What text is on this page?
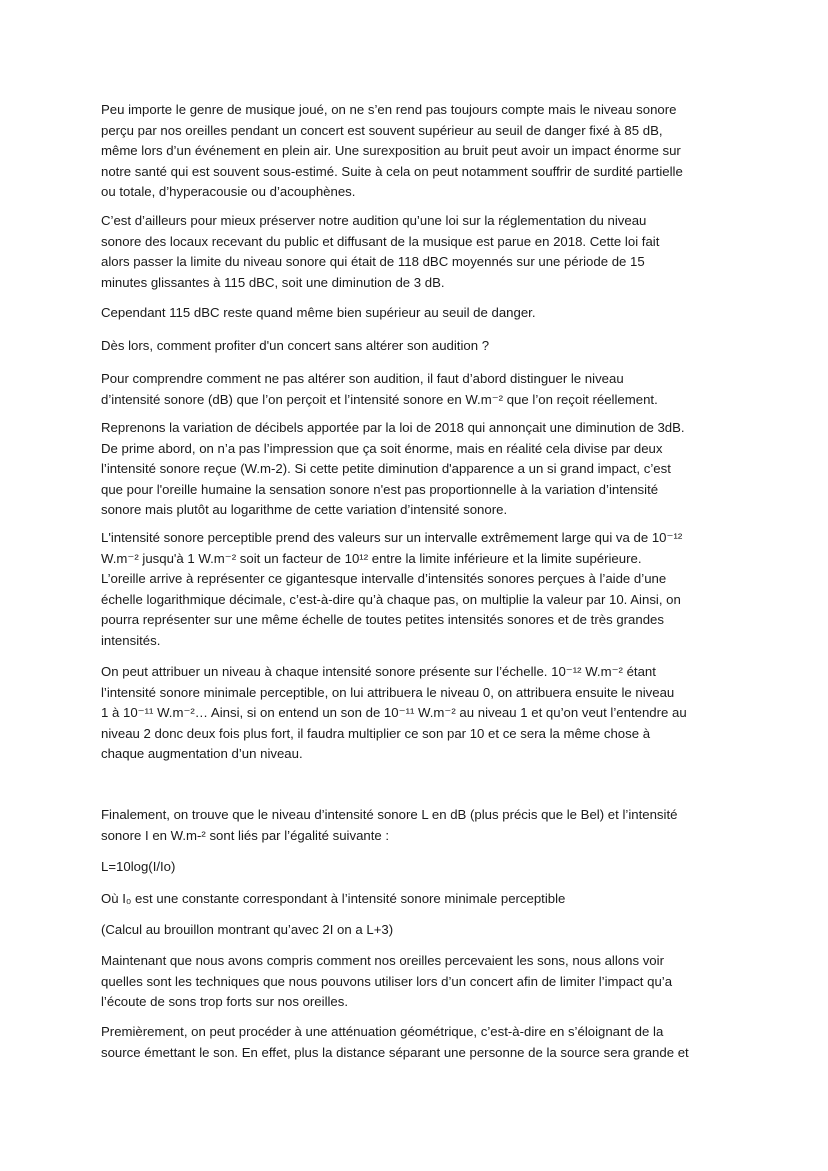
Peu importe le genre de musique joué, on ne s’en rend pas toujours compte mais le niveau sonore
perçu par nos oreilles pendant un concert est souvent supérieur au seuil de danger fixé à 85 dB,
même lors d’un événement en plein air. Une surexposition au bruit peut avoir un impact énorme sur
notre santé qui est souvent sous-estimé. Suite à cela on peut notamment souffrir de surdité partielle
ou totale, d’hyperacousie ou d’acouphènes.

C’est d’ailleurs pour mieux préserver notre audition qu’une loi sur la réglementation du niveau
sonore des locaux recevant du public et diffusant de la musique est parue en 2018. Cette loi fait
alors passer la limite du niveau sonore qui était de 118 dBC moyennés sur une période de 15
minutes glissantes à 115 dBC, soit une diminution de 3 dB.

Cependant 115 dBC reste quand même bien supérieur au seuil de danger.

Dès lors, comment profiter d'un concert sans altérer son audition ?

Pour comprendre comment ne pas altérer son audition, il faut d’abord distinguer le niveau
d’intensité sonore (dB) que l’on perçoit et l’intensité sonore en W.m⁻² que l’on reçoit réellement.

Reprenons la variation de décibels apportée par la loi de 2018 qui annonçait une diminution de 3dB.
De prime abord, on n’a pas l’impression que ça soit énorme, mais en réalité cela divise par deux
l’intensité sonore reçue (W.m-2). Si cette petite diminution d'apparence a un si grand impact, c’est
que pour l'oreille humaine la sensation sonore n'est pas proportionnelle à la variation d’intensité
sonore mais plutôt au logarithme de cette variation d’intensité sonore.

L'intensité sonore perceptible prend des valeurs sur un intervalle extrêmement large qui va de 10⁻¹²
W.m⁻² jusqu'à 1 W.m⁻² soit un facteur de 10¹² entre la limite inférieure et la limite supérieure.
L’oreille arrive à représenter ce gigantesque intervalle d’intensités sonores perçues à l’aide d’une
échelle logarithmique décimale, c’est-à-dire qu’à chaque pas, on multiplie la valeur par 10. Ainsi, on
pourra représenter sur une même échelle de toutes petites intensités sonores et de très grandes
intensités.

On peut attribuer un niveau à chaque intensité sonore présente sur l’échelle. 10⁻¹² W.m⁻² étant
l’intensité sonore minimale perceptible, on lui attribuera le niveau 0, on attribuera ensuite le niveau
1 à 10⁻¹¹ W.m⁻²… Ainsi, si on entend un son de 10⁻¹¹ W.m⁻² au niveau 1 et qu’on veut l’entendre au
niveau 2 donc deux fois plus fort, il faudra multiplier ce son par 10 et ce sera la même chose à
chaque augmentation d’un niveau.

Finalement, on trouve que le niveau d’intensité sonore L en dB (plus précis que le Bel) et l’intensité
sonore I en W.m-² sont liés par l’égalité suivante :

L=10log(I/Io)

Où I₀ est une constante correspondant à l’intensité sonore minimale perceptible

(Calcul au brouillon montrant qu’avec 2I on a L+3)

Maintenant que nous avons compris comment nos oreilles percevaient les sons, nous allons voir
quelles sont les techniques que nous pouvons utiliser lors d’un concert afin de limiter l’impact qu’a
l’écoute de sons trop forts sur nos oreilles.

Premièrement, on peut procéder à une atténuation géométrique, c’est-à-dire en s’éloignant de la
source émettant le son. En effet, plus la distance séparant une personne de la source sera grande et
